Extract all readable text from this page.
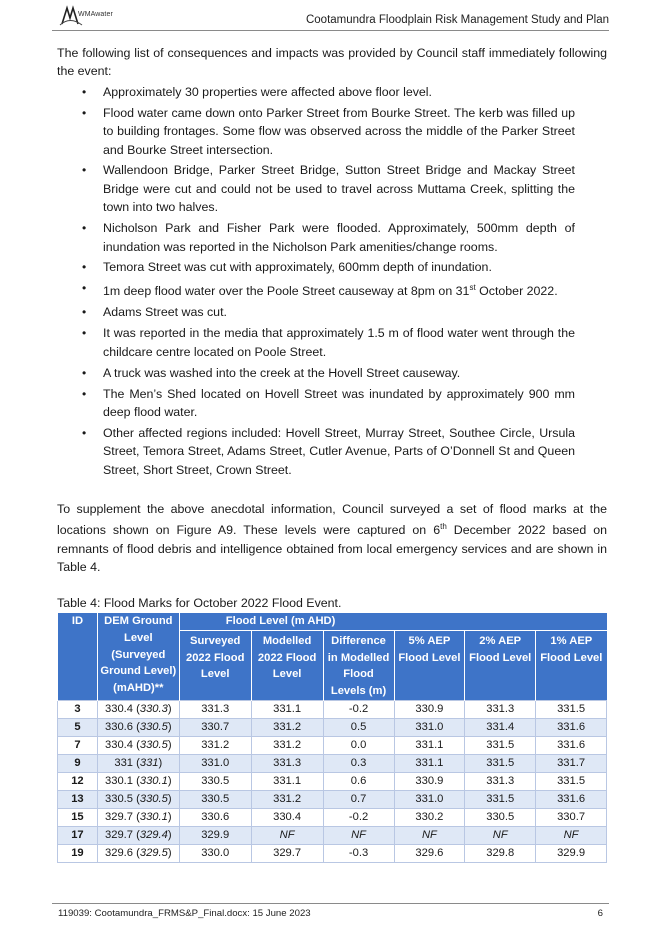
WMAwater	Cootamundra Floodplain Risk Management Study and Plan

The following list of consequences and impacts was provided by Council staff immediately following the event:

• Approximately 30 properties were affected above floor level.
• Flood water came down onto Parker Street from Bourke Street. The kerb was filled up to building frontages. Some flow was observed across the middle of the Parker Street and Bourke Street intersection.
• Wallendoon Bridge, Parker Street Bridge, Sutton Street Bridge and Mackay Street Bridge were cut and could not be used to travel across Muttama Creek, splitting the town into two halves.
• Nicholson Park and Fisher Park were flooded. Approximately, 500mm depth of inundation was reported in the Nicholson Park amenities/change rooms.
• Temora Street was cut with approximately, 600mm depth of inundation.
• 1m deep flood water over the Poole Street causeway at 8pm on 31st October 2022.
• Adams Street was cut.
• It was reported in the media that approximately 1.5 m of flood water went through the childcare centre located on Poole Street.
• A truck was washed into the creek at the Hovell Street causeway.
• The Men’s Shed located on Hovell Street was inundated by approximately 900 mm deep flood water.
• Other affected regions included: Hovell Street, Murray Street, Southee Circle, Ursula Street, Temora Street, Adams Street, Cutler Avenue, Parts of O’Donnell St and Queen Street, Short Street, Crown Street.

To supplement the above anecdotal information, Council surveyed a set of flood marks at the locations shown on Figure A9. These levels were captured on 6th December 2022 based on remnants of flood debris and intelligence obtained from local emergency services and are shown in Table 4.

Table 4: Flood Marks for October 2022 Flood Event.
ID	DEM Ground Level (Surveyed Ground Level) (mAHD)**	Flood Level (m AHD)					
		Surveyed 2022 Flood Level	Modelled 2022 Flood Level	Difference in Modelled Flood Levels (m)	5% AEP Flood Level	2% AEP Flood Level	1% AEP Flood Level
3	330.4 (330.3)	331.3	331.1	-0.2	330.9	331.3	331.5
5	330.6 (330.5)	330.7	331.2	0.5	331.0	331.4	331.6
7	330.4 (330.5)	331.2	331.2	0.0	331.1	331.5	331.6
9	331 (331)	331.0	331.3	0.3	331.1	331.5	331.7
12	330.1 (330.1)	330.5	331.1	0.6	330.9	331.3	331.5
13	330.5 (330.5)	330.5	331.2	0.7	331.0	331.5	331.6
15	329.7 (330.1)	330.6	330.4	-0.2	330.2	330.5	330.7
17	329.7 (329.4)	329.9	NF	NF	NF	NF	NF
19	329.6 (329.5)	330.0	329.7	-0.3	329.6	329.8	329.9
119039: Cootamundra_FRMS&P_Final.docx: 15 June 2023	6
